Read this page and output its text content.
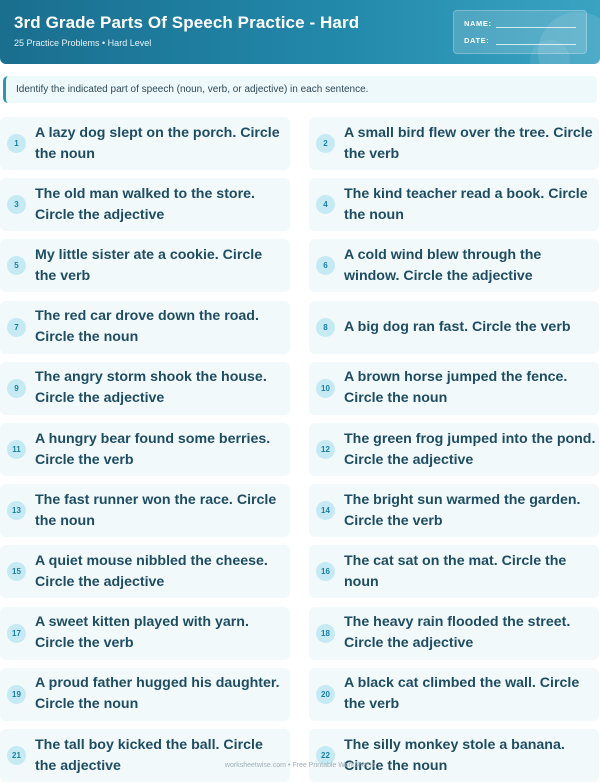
3rd Grade Parts Of Speech Practice - Hard
25 Practice Problems • Hard Level
NAME:
DATE:
Identify the indicated part of speech (noun, verb, or adjective) in each sentence.
1
A lazy dog slept on the porch. Circle the noun
2
A small bird flew over the tree. Circle the verb
3
The old man walked to the store. Circle the adjective
4
The kind teacher read a book. Circle the noun
5
My little sister ate a cookie. Circle the verb
6
A cold wind blew through the window. Circle the adjective
7
The red car drove down the road. Circle the noun
8	A big dog ran fast. Circle the verb
9
The angry storm shook the house. Circle the adjective
10
A brown horse jumped the fence. Circle the noun
11
A hungry bear found some berries. Circle the verb
12
The green frog jumped into the pond. Circle the adjective
13
The fast runner won the race. Circle the noun
14
The bright sun warmed the garden. Circle the verb
15
A quiet mouse nibbled the cheese. Circle the adjective
16
The cat sat on the mat. Circle the noun
17
A sweet kitten played with yarn. Circle the verb
18
The heavy rain flooded the street. Circle the adjective
19
A proud father hugged his daughter. Circle the noun
20
A black cat climbed the wall. Circle the verb
21
The tall boy kicked the ball. Circle the adjective
22
The silly monkey stole a banana. Circle the noun
worksheetwise.com • Free Printable Worksheets
